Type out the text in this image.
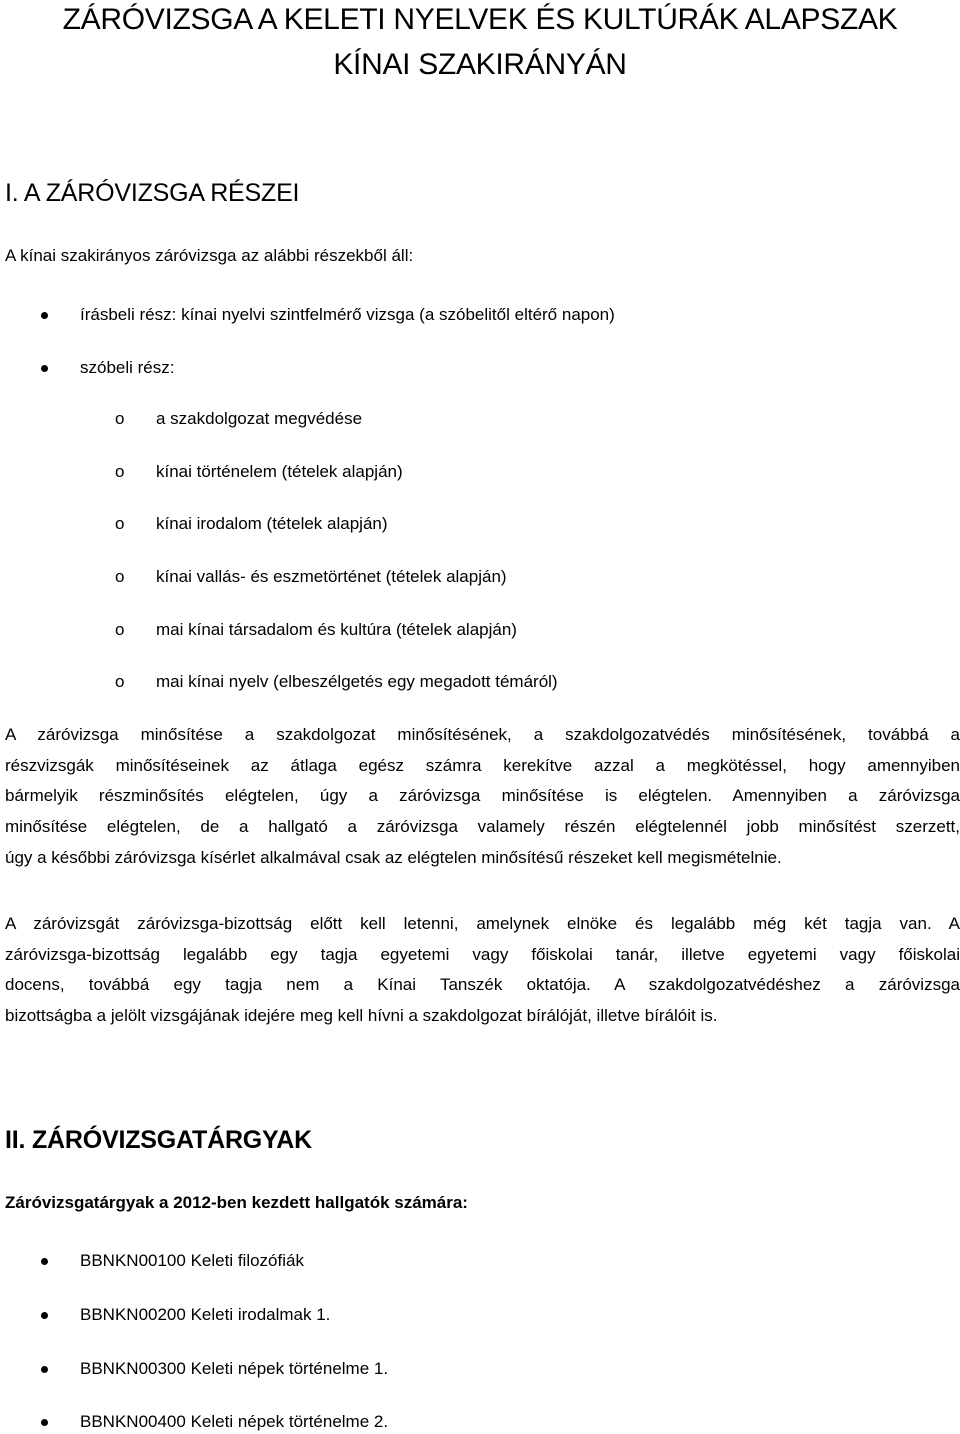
ZÁRÓVIZSGA A KELETI NYELVEK ÉS KULTÚRÁK ALAPSZAK
KÍNAI SZAKIRÁNYÁN
I. A ZÁRÓVIZSGA RÉSZEI

A kínai szakirányos záróvizsga az alábbi részekből áll:

írásbeli rész: kínai nyelvi szintfelmérő vizsga (a szóbelitől eltérő napon)

szóbeli rész:

o a szakdolgozat megvédése

o kínai történelem (tételek alapján)

o kínai irodalom (tételek alapján)

o kínai vallás- és eszmetörténet (tételek alapján)

o mai kínai társadalom és kultúra (tételek alapján)

o mai kínai nyelv (elbeszélgetés egy megadott témáról)

A záróvizsga minősítése a szakdolgozat minősítésének, a szakdolgozatvédés minősítésének, továbbá a
részvizsgák minősítéseinek az átlaga egész számra kerekítve azzal a megkötéssel, hogy amennyiben
bármelyik részminősítés elégtelen, úgy a záróvizsga minősítése is elégtelen. Amennyiben a záróvizsga
minősítése elégtelen, de a hallgató a záróvizsga valamely részén elégtelennél jobb minősítést szerzett,
úgy a későbbi záróvizsga kísérlet alkalmával csak az elégtelen minősítésű részeket kell megismételnie.
A záróvizsgát záróvizsga-bizottság előtt kell letenni, amelynek elnöke és legalább még két tagja van. A
záróvizsga-bizottság legalább egy tagja egyetemi vagy főiskolai tanár, illetve egyetemi vagy főiskolai
docens, továbbá egy tagja nem a Kínai Tanszék oktatója. A szakdolgozatvédéshez a záróvizsga
bizottságba a jelölt vizsgájának idejére meg kell hívni a szakdolgozat bírálóját, illetve bírálóit is.
II. ZÁRÓVIZSGATÁRGYAK

Záróvizsgatárgyak a 2012-ben kezdett hallgatók számára:

BBNKN00100 Keleti filozófiák

BBNKN00200 Keleti irodalmak 1.

BBNKN00300 Keleti népek történelme 1.

BBNKN00400 Keleti népek történelme 2.
